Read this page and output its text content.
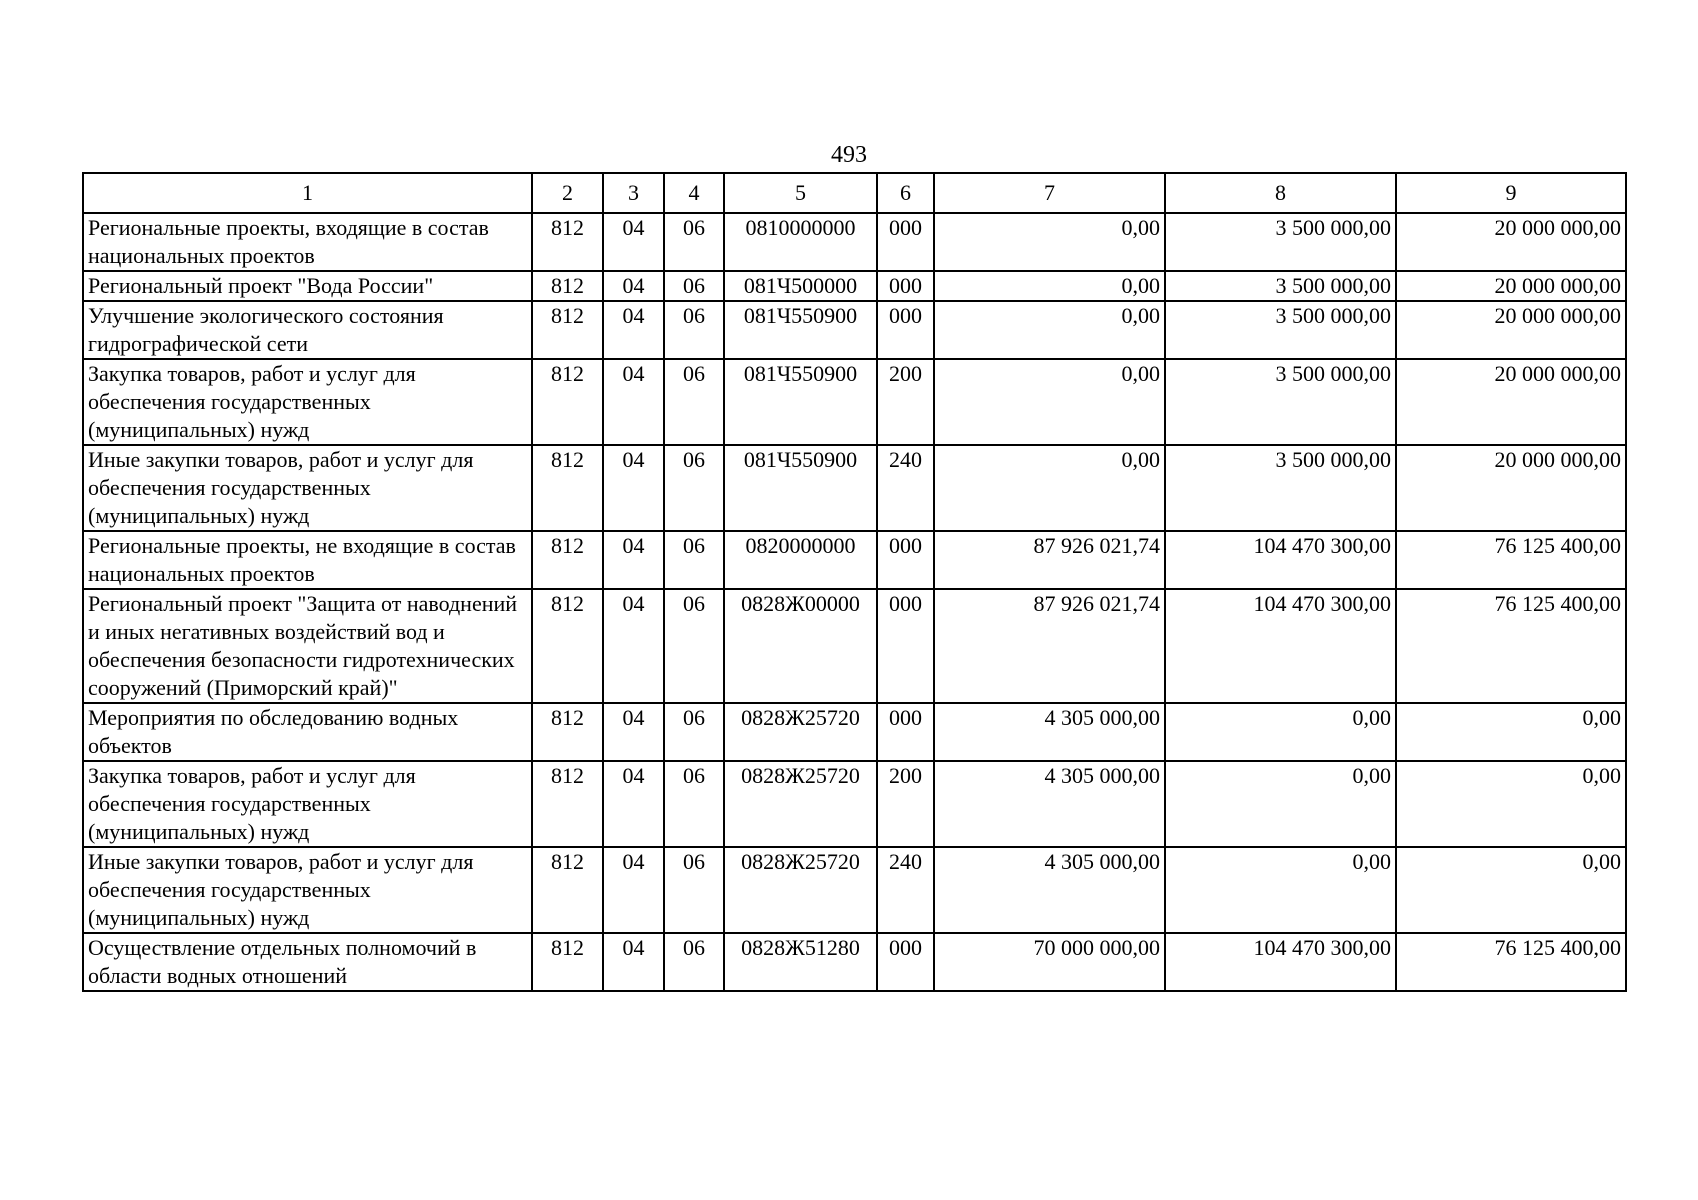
493
1	2	3	4	5	6	7	8	9
Региональные проекты, входящие в состав национальных проектов	812	04	06	0810000000	000	0,00	3 500 000,00	20 000 000,00
Региональный проект "Вода России"	812	04	06	081Ч500000	000	0,00	3 500 000,00	20 000 000,00
Улучшение экологического состояния гидрографической сети	812	04	06	081Ч550900	000	0,00	3 500 000,00	20 000 000,00
Закупка товаров, работ и услуг для обеспечения государственных (муниципальных) нужд	812	04	06	081Ч550900	200	0,00	3 500 000,00	20 000 000,00
Иные закупки товаров, работ и услуг для обеспечения государственных (муниципальных) нужд	812	04	06	081Ч550900	240	0,00	3 500 000,00	20 000 000,00
Региональные проекты, не входящие в состав национальных проектов	812	04	06	0820000000	000	87 926 021,74	104 470 300,00	76 125 400,00
Региональный проект "Защита от наводнений и иных негативных воздействий вод и обеспечения безопасности гидротехнических сооружений (Приморский край)"	812	04	06	0828Ж00000	000	87 926 021,74	104 470 300,00	76 125 400,00
Мероприятия по обследованию водных объектов	812	04	06	0828Ж25720	000	4 305 000,00	0,00	0,00
Закупка товаров, работ и услуг для обеспечения государственных (муниципальных) нужд	812	04	06	0828Ж25720	200	4 305 000,00	0,00	0,00
Иные закупки товаров, работ и услуг для обеспечения государственных (муниципальных) нужд	812	04	06	0828Ж25720	240	4 305 000,00	0,00	0,00
Осуществление отдельных полномочий в области водных отношений	812	04	06	0828Ж51280	000	70 000 000,00	104 470 300,00	76 125 400,00
